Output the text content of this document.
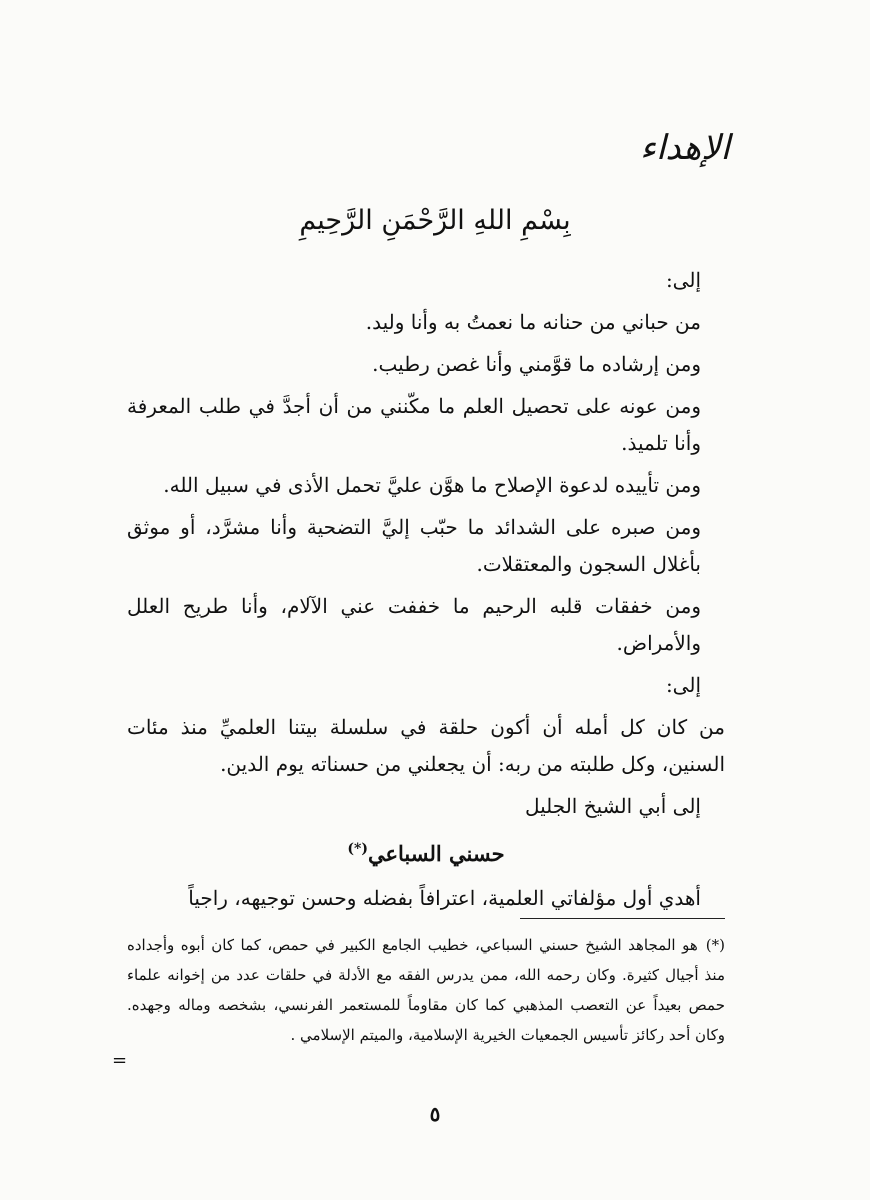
الإهداء
بِسْمِ اللهِ الرَّحْمَنِ الرَّحِيمِ

إلى:

من حباني من حنانه ما نعمتُ به وأنا وليد.

ومن إرشاده ما قوَّمني وأنا غصن رطيب.

ومن عونه على تحصيل العلم ما مكّنني من أن أجدَّ في طلب المعرفة وأنا تلميذ.

ومن تأييده لدعوة الإصلاح ما هوَّن عليَّ تحمل الأذى في سبيل الله.

ومن صبره على الشدائد ما حبّب إليَّ التضحية وأنا مشرَّد، أو موثق بأغلال السجون والمعتقلات.

ومن خفقات قلبه الرحيم ما خففت عني الآلام، وأنا طريح العلل والأمراض.

إلى:

من كان كل أمله أن أكون حلقة في سلسلة بيتنا العلميِّ منذ مئات السنين، وكل طلبته من ربه: أن يجعلني من حسناته يوم الدين.

إلى أبي الشيخ الجليل

حسني السباعي(*)

أهدي أول مؤلفاتي العلمية، اعترافاً بفضله وحسن توجيهه، راجياً

(*)هو المجاهد الشيخ حسني السباعي، خطيب الجامع الكبير في حمص، كما كان أبوه وأجداده منذ أجيال كثيرة. وكان رحمه الله، ممن يدرس الفقه مع الأدلة في حلقات عدد من إخوانه علماء حمص بعيداً عن التعصب المذهبي كما كان مقاوماً للمستعمر الفرنسي، بشخصه وماله وجهده. وكان أحد ركائز تأسيس الجمعيات الخيرية الإسلامية، والميتم الإسلامي .
=
٥
